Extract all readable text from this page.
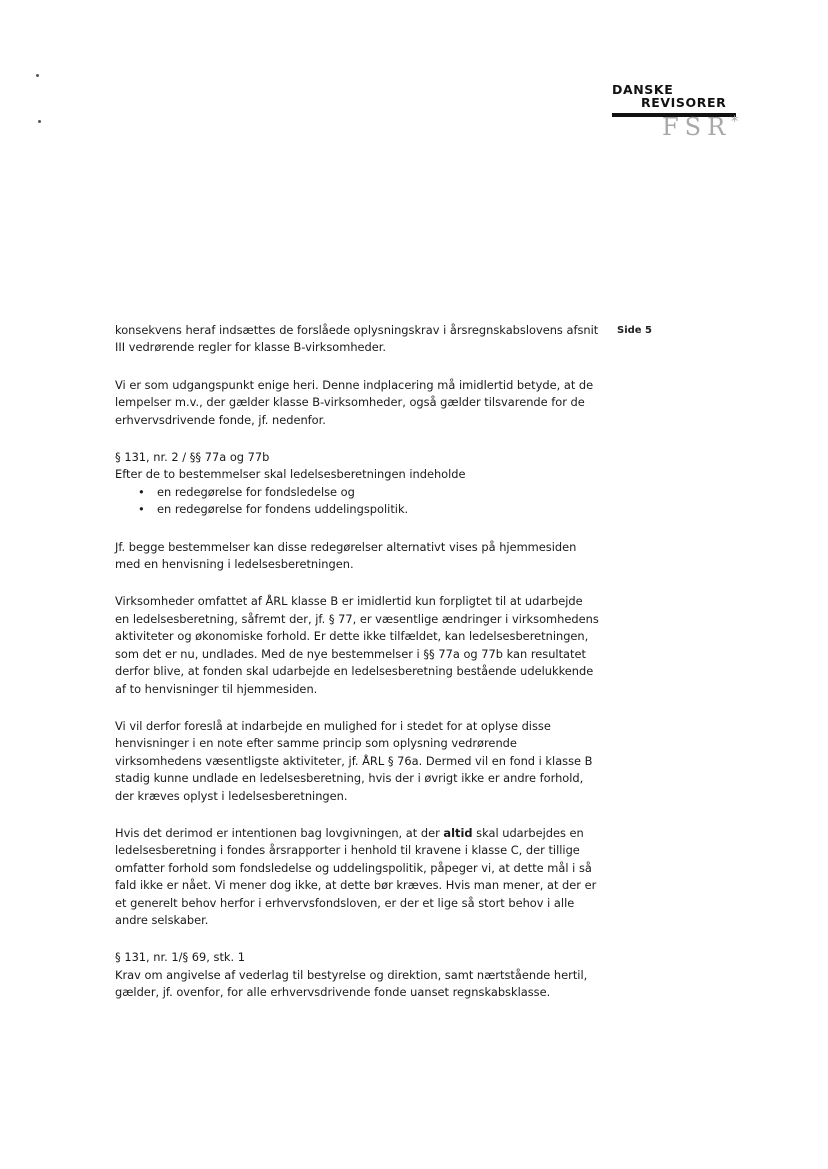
DANSKE
REVISORER
FSR*
Side 5

konsekvens heraf indsættes de forslåede oplysningskrav i årsregnskabslovens afsnit III vedrørende regler for klasse B-virksomheder.

Vi er som udgangspunkt enige heri. Denne indplacering må imidlertid betyde, at de lempelser m.v., der gælder klasse B-virksomheder, også gælder tilsvarende for de erhvervsdrivende fonde, jf. nedenfor.

§ 131, nr. 2 / §§ 77a og 77b

Efter de to bestemmelser skal ledelsesberetningen indeholde

• en redegørelse for fondsledelse og
• en redegørelse for fondens uddelingspolitik.

Jf. begge bestemmelser kan disse redegørelser alternativt vises på hjemmesiden med en henvisning i ledelsesberetningen.

Virksomheder omfattet af ÅRL klasse B er imidlertid kun forpligtet til at udarbejde en ledelsesberetning, såfremt der, jf. § 77, er væsentlige ændringer i virksomhedens aktiviteter og økonomiske forhold. Er dette ikke tilfældet, kan ledelsesberetningen, som det er nu, undlades. Med de nye bestemmelser i §§ 77a og 77b kan resultatet derfor blive, at fonden skal udarbejde en ledelsesberetning bestående udelukkende af to henvisninger til hjemmesiden.

Vi vil derfor foreslå at indarbejde en mulighed for i stedet for at oplyse disse henvisninger i en note efter samme princip som oplysning vedrørende virksomhedens væsentligste aktiviteter, jf. ÅRL § 76a. Dermed vil en fond i klasse B stadig kunne undlade en ledelsesberetning, hvis der i øvrigt ikke er andre forhold, der kræves oplyst i ledelsesberetningen.

Hvis det derimod er intentionen bag lovgivningen, at der altid skal udarbejdes en ledelsesberetning i fondes årsrapporter i henhold til kravene i klasse C, der tillige omfatter forhold som fondsledelse og uddelingspolitik, påpeger vi, at dette mål i så fald ikke er nået. Vi mener dog ikke, at dette bør kræves. Hvis man mener, at der er et generelt behov herfor i erhvervsfondsloven, er der et lige så stort behov i alle andre selskaber.

§ 131, nr. 1/§ 69, stk. 1

Krav om angivelse af vederlag til bestyrelse og direktion, samt nærtstående hertil, gælder, jf. ovenfor, for alle erhvervsdrivende fonde uanset regnskabsklasse.
